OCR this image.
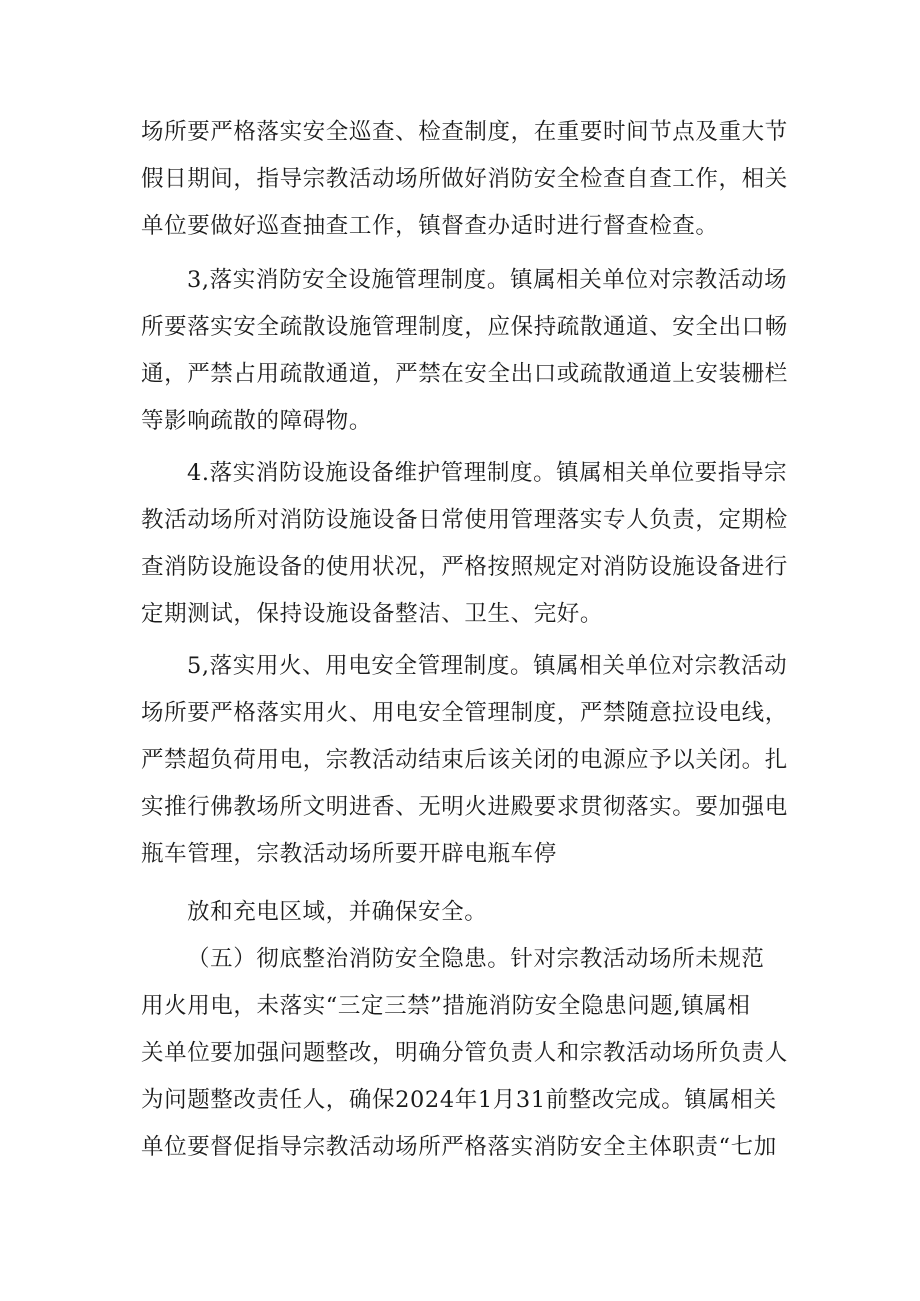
场所要严格落实安全巡查、检查制度，在重要时间节点及重大节
假日期间，指导宗教活动场所做好消防安全检查自查工作，相关
单位要做好巡查抽查工作，镇督查办适时进行督查检查。
3,落实消防安全设施管理制度。镇属相关单位对宗教活动场
所要落实安全疏散设施管理制度，应保持疏散通道、安全出口畅
通，严禁占用疏散通道，严禁在安全出口或疏散通道上安装栅栏
等影响疏散的障碍物。
4.落实消防设施设备维护管理制度。镇属相关单位要指导宗
教活动场所对消防设施设备日常使用管理落实专人负责，定期检
查消防设施设备的使用状况，严格按照规定对消防设施设备进行
定期测试，保持设施设备整洁、卫生、完好。
5,落实用火、用电安全管理制度。镇属相关单位对宗教活动
场所要严格落实用火、用电安全管理制度，严禁随意拉设电线，
严禁超负荷用电，宗教活动结束后该关闭的电源应予以关闭。扎
实推行佛教场所文明进香、无明火进殿要求贯彻落实。要加强电
瓶车管理，宗教活动场所要开辟电瓶车停
放和充电区域，并确保安全。
（五）彻底整治消防安全隐患。针对宗教活动场所未规范
用火用电，未落实“三定三禁”措施消防安全隐患问题,镇属相
关单位要加强问题整改，明确分管负责人和宗教活动场所负责人
为问题整改责任人，确保2024年1月31前整改完成。镇属相关
单位要督促指导宗教活动场所严格落实消防安全主体职责“七加
